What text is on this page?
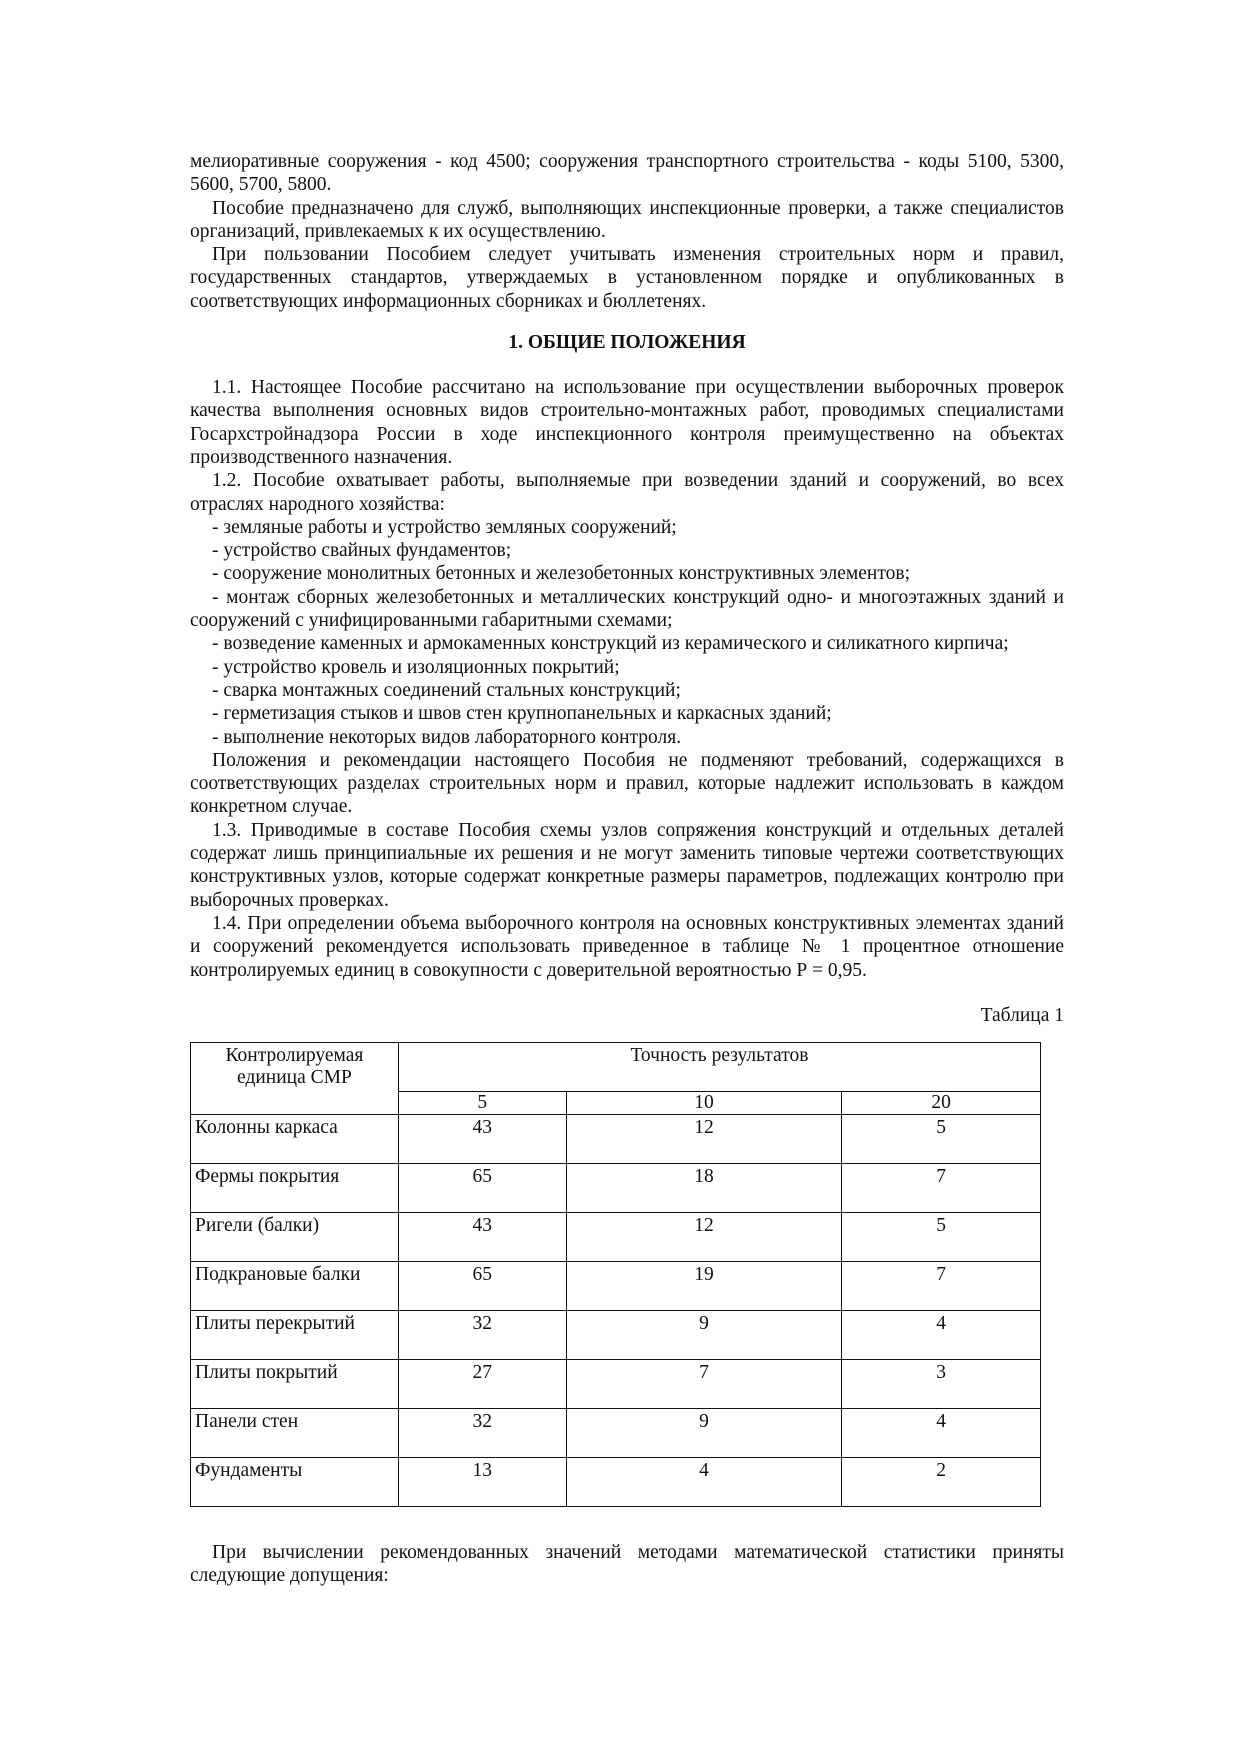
мелиоративные сооружения - код 4500; сооружения транспортного строительства - коды 5100, 5300, 5600, 5700, 5800.

Пособие предназначено для служб, выполняющих инспекционные проверки, а также специалистов организаций, привлекаемых к их осуществлению.

При пользовании Пособием следует учитывать изменения строительных норм и правил, государственных стандартов, утверждаемых в установленном порядке и опубликованных в соответствующих информационных сборниках и бюллетенях.

1. ОБЩИЕ ПОЛОЖЕНИЯ

1.1. Настоящее Пособие рассчитано на использование при осуществлении выборочных проверок качества выполнения основных видов строительно-монтажных работ, проводимых специалистами Госархстройнадзора России в ходе инспекционного контроля преимущественно на объектах производственного назначения.

1.2. Пособие охватывает работы, выполняемые при возведении зданий и сооружений, во всех отраслях народного хозяйства:

- земляные работы и устройство земляных сооружений;

- устройство свайных фундаментов;

- сооружение монолитных бетонных и железобетонных конструктивных элементов;

- монтаж сборных железобетонных и металлических конструкций одно- и многоэтажных зданий и сооружений с унифицированными габаритными схемами;

- возведение каменных и армокаменных конструкций из керамического и силикатного кирпича;

- устройство кровель и изоляционных покрытий;

- сварка монтажных соединений стальных конструкций;

- герметизация стыков и швов стен крупнопанельных и каркасных зданий;

- выполнение некоторых видов лабораторного контроля.

Положения и рекомендации настоящего Пособия не подменяют требований, содержащихся в соответствующих разделах строительных норм и правил, которые надлежит использовать в каждом конкретном случае.

1.3. Приводимые в составе Пособия схемы узлов сопряжения конструкций и отдельных деталей содержат лишь принципиальные их решения и не могут заменить типовые чертежи соответствующих конструктивных узлов, которые содержат конкретные размеры параметров, подлежащих контролю при выборочных проверках.

1.4. При определении объема выборочного контроля на основных конструктивных элементах зданий и сооружений рекомендуется использовать приведенное в таблице № 1 процентное отношение контролируемых единиц в совокупности с доверительной вероятностью Р = 0,95.

Таблица 1
Контролируемая единица СМР	Точность результатов		
	5	10	20
Колонны каркаса	43	12	5
Фермы покрытия	65	18	7
Ригели (балки)	43	12	5
Подкрановые балки	65	19	7
Плиты перекрытий	32	9	4
Плиты покрытий	27	7	3
Панели стен	32	9	4
Фундаменты	13	4	2

При вычислении рекомендованных значений методами математической статистики приняты следующие допущения:
